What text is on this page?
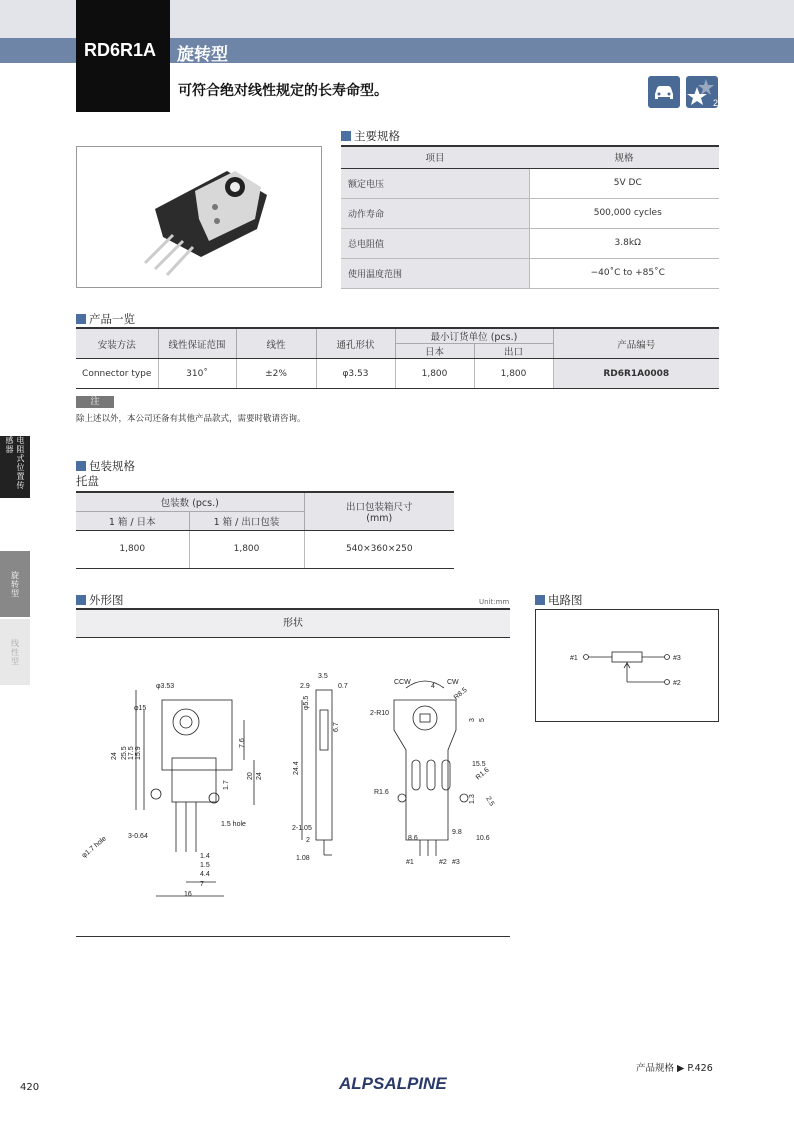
RD6R1A 旋转型
可符合绝对线性规定的长寿命型。
2
主要规格
项目	规格
额定电压	5V DC
动作寿命	500,000 cycles
总电阻值	3.8kΩ
使用温度范围	−40˚C to +85˚C
产品一览
安装方法	线性保证范围	线性	通孔形状	最小订货单位 (pcs.)		产品编号
				日本	出口	
Connector type	310˚	±2%	φ3.53	1,800	1,800	RD6R1A0008
注
除上述以外，本公司还备有其他产品款式，需要时敬请咨询。
电阻式位置传感器
旋转型
线性型
包装规格
托盘
包装数 (pcs.)		出口包装箱尺寸
(mm)
1 箱 / 日本	1 箱 / 出口包装	
1,800	1,800	540×360×250
外形图	Unit:mm
形状
φ3.53
φ15
24 25.5 17.5 15.9
7.6
20 24
1.7
1.5 hole
3-0.64
φ1.7 hole	1.4
1.5
4.4
7
16
3.5
2.9	0.7
φ5.5
6.7
24.4
2-1.05
2
1.08
CCW	CW
4
R8.5
2-R10
3 5
15.5
R1.6
R1.6
1.3 2.5
9.8
8.6	10.6
#1	#2 #3
电路图
#1	#3
#2
产品规格 ▶ P.426
420	ALPSALPINE
